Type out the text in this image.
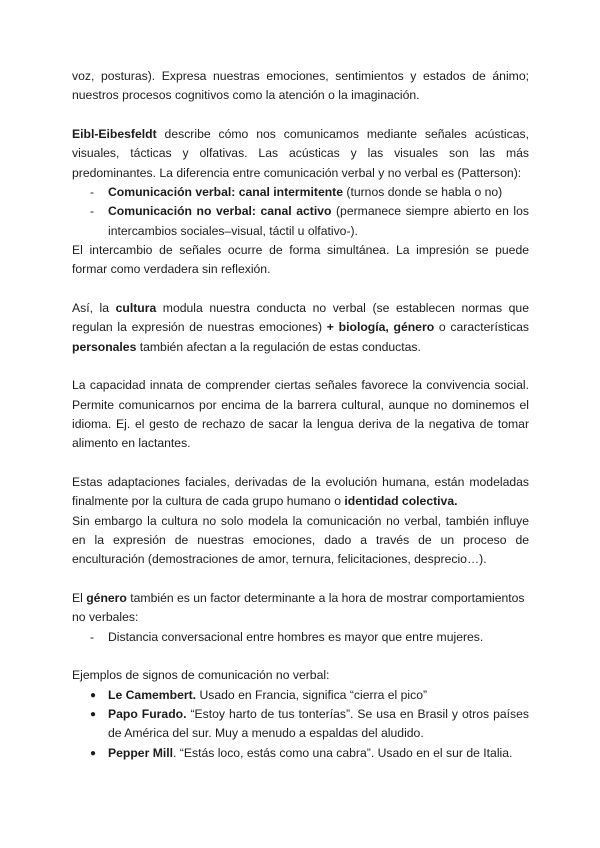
voz, posturas). Expresa nuestras emociones, sentimientos y estados de ánimo; nuestros procesos cognitivos como la atención o la imaginación.

Eibl-Eibesfeldt describe cómo nos comunicamos mediante señales acústicas, visuales, tácticas y olfativas. Las acústicas y las visuales son las más predominantes. La diferencia entre comunicación verbal y no verbal es (Patterson):

- Comunicación verbal: canal intermitente (turnos donde se habla o no)
- Comunicación no verbal: canal activo (permanece siempre abierto en los intercambios sociales–visual, táctil u olfativo-).

El intercambio de señales ocurre de forma simultánea. La impresión se puede formar como verdadera sin reflexión.

Así, la cultura modula nuestra conducta no verbal (se establecen normas que regulan la expresión de nuestras emociones) + biología, género o características personales también afectan a la regulación de estas conductas.

La capacidad innata de comprender ciertas señales favorece la convivencia social. Permite comunicarnos por encima de la barrera cultural, aunque no dominemos el idioma. Ej. el gesto de rechazo de sacar la lengua deriva de la negativa de tomar alimento en lactantes.

Estas adaptaciones faciales, derivadas de la evolución humana, están modeladas finalmente por la cultura de cada grupo humano o identidad colectiva.

Sin embargo la cultura no solo modela la comunicación no verbal, también influye en la expresión de nuestras emociones, dado a través de un proceso de enculturación (demostraciones de amor, ternura, felicitaciones, desprecio…).

El género también es un factor determinante a la hora de mostrar comportamientos no verbales:

- Distancia conversacional entre hombres es mayor que entre mujeres.

Ejemplos de signos de comunicación no verbal:

● Le Camembert. Usado en Francia, significa “cierra el pico”
● Papo Furado. “Estoy harto de tus tonterías”. Se usa en Brasil y otros países de América del sur. Muy a menudo a espaldas del aludido.
● Pepper Mill. “Estás loco, estás como una cabra”. Usado en el sur de Italia.
